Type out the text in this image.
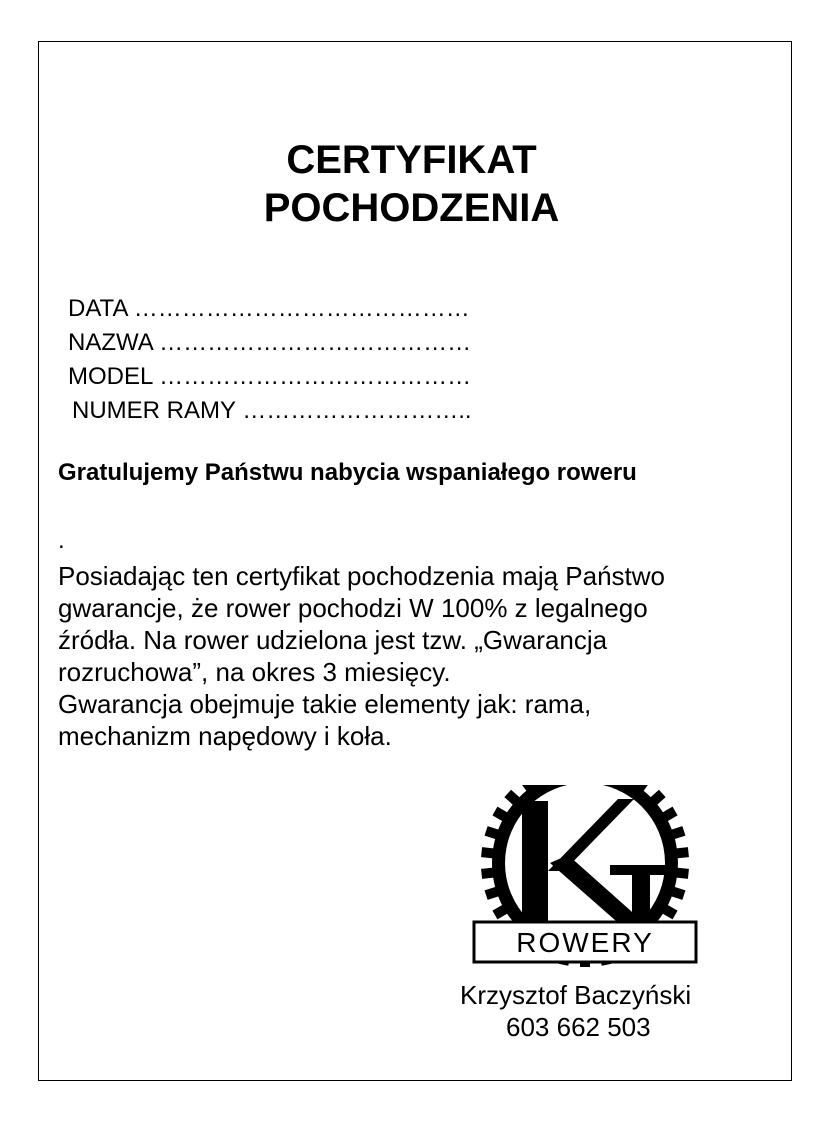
CERTYFIKAT
POCHODZENIA
DATA ……………………………………
NAZWA …………………………………
MODEL …………………………………
NUMER RAMY ………………………..
Gratulujemy Państwu nabycia wspaniałego roweru
.
Posiadając ten certyfikat pochodzenia mają Państwo
gwarancje, że rower pochodzi W 100% z legalnego
źródła. Na rower udzielona jest tzw. „Gwarancja
rozruchowa”, na okres 3 miesięcy.
Gwarancja obejmuje takie elementy jak: rama,
mechanizm napędowy i koła.
ROWERY
Krzysztof Baczyński
603 662 503
